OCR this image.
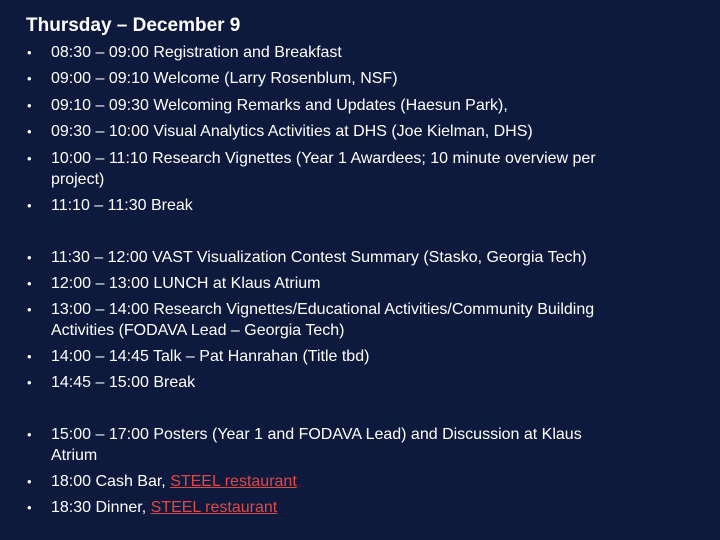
Thursday – December 9
• 08:30 – 09:00 Registration and Breakfast
• 09:00 – 09:10 Welcome (Larry Rosenblum, NSF)
• 09:10 – 09:30 Welcoming Remarks and Updates (Haesun Park),
• 09:30 – 10:00 Visual Analytics Activities at DHS (Joe Kielman, DHS)
• 10:00 – 11:10 Research Vignettes (Year 1 Awardees; 10 minute overview per
project)
• 11:10 – 11:30 Break
• 11:30 – 12:00 VAST Visualization Contest Summary (Stasko, Georgia Tech)
• 12:00 – 13:00 LUNCH at Klaus Atrium
• 13:00 – 14:00 Research Vignettes/Educational Activities/Community Building
Activities (FODAVA Lead – Georgia Tech)
• 14:00 – 14:45 Talk – Pat Hanrahan (Title tbd)
• 14:45 – 15:00 Break
• 15:00 – 17:00 Posters (Year 1 and FODAVA Lead) and Discussion at Klaus
Atrium
• 18:00 Cash Bar, STEEL restaurant
• 18:30 Dinner, STEEL restaurant
